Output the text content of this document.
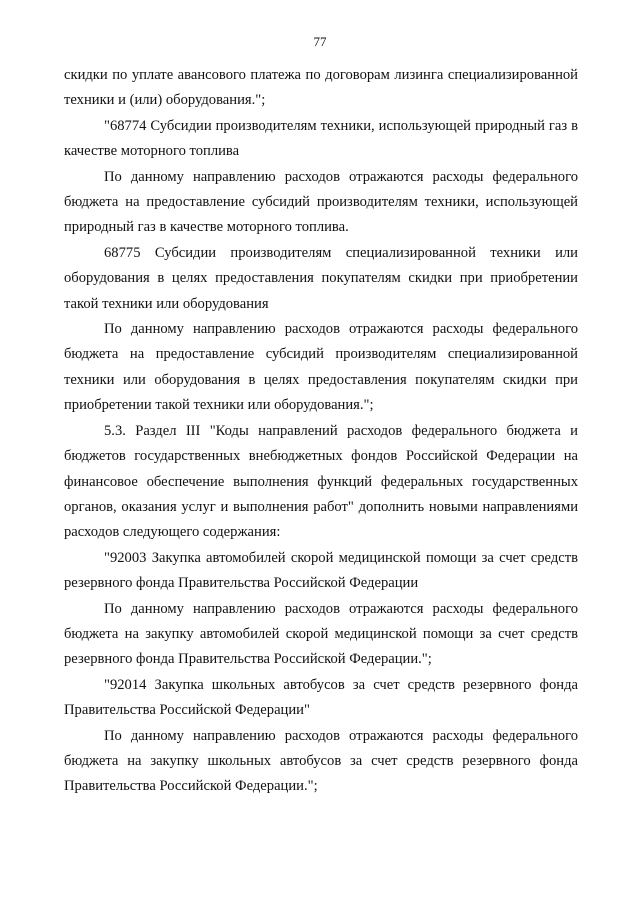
77

скидки по уплате авансового платежа по договорам лизинга специализированной техники и (или) оборудования.";

"68774 Субсидии производителям техники, использующей природный газ в качестве моторного топлива

По данному направлению расходов отражаются расходы федерального бюджета на предоставление субсидий производителям техники, использующей природный газ в качестве моторного топлива.

68775 Субсидии производителям специализированной техники или оборудования в целях предоставления покупателям скидки при приобретении такой техники или оборудования

По данному направлению расходов отражаются расходы федерального бюджета на предоставление субсидий производителям специализированной техники или оборудования в целях предоставления покупателям скидки при приобретении такой техники или оборудования.";

5.3. Раздел III "Коды направлений расходов федерального бюджета и бюджетов государственных внебюджетных фондов Российской Федерации на финансовое обеспечение выполнения функций федеральных государственных органов, оказания услуг и выполнения работ" дополнить новыми направлениями расходов следующего содержания:

"92003 Закупка автомобилей скорой медицинской помощи за счет средств резервного фонда Правительства Российской Федерации

По данному направлению расходов отражаются расходы федерального бюджета на закупку автомобилей скорой медицинской помощи за счет средств резервного фонда Правительства Российской Федерации.";

"92014 Закупка школьных автобусов за счет средств резервного фонда Правительства Российской Федерации"

По данному направлению расходов отражаются расходы федерального бюджета на закупку школьных автобусов за счет средств резервного фонда Правительства Российской Федерации.";
